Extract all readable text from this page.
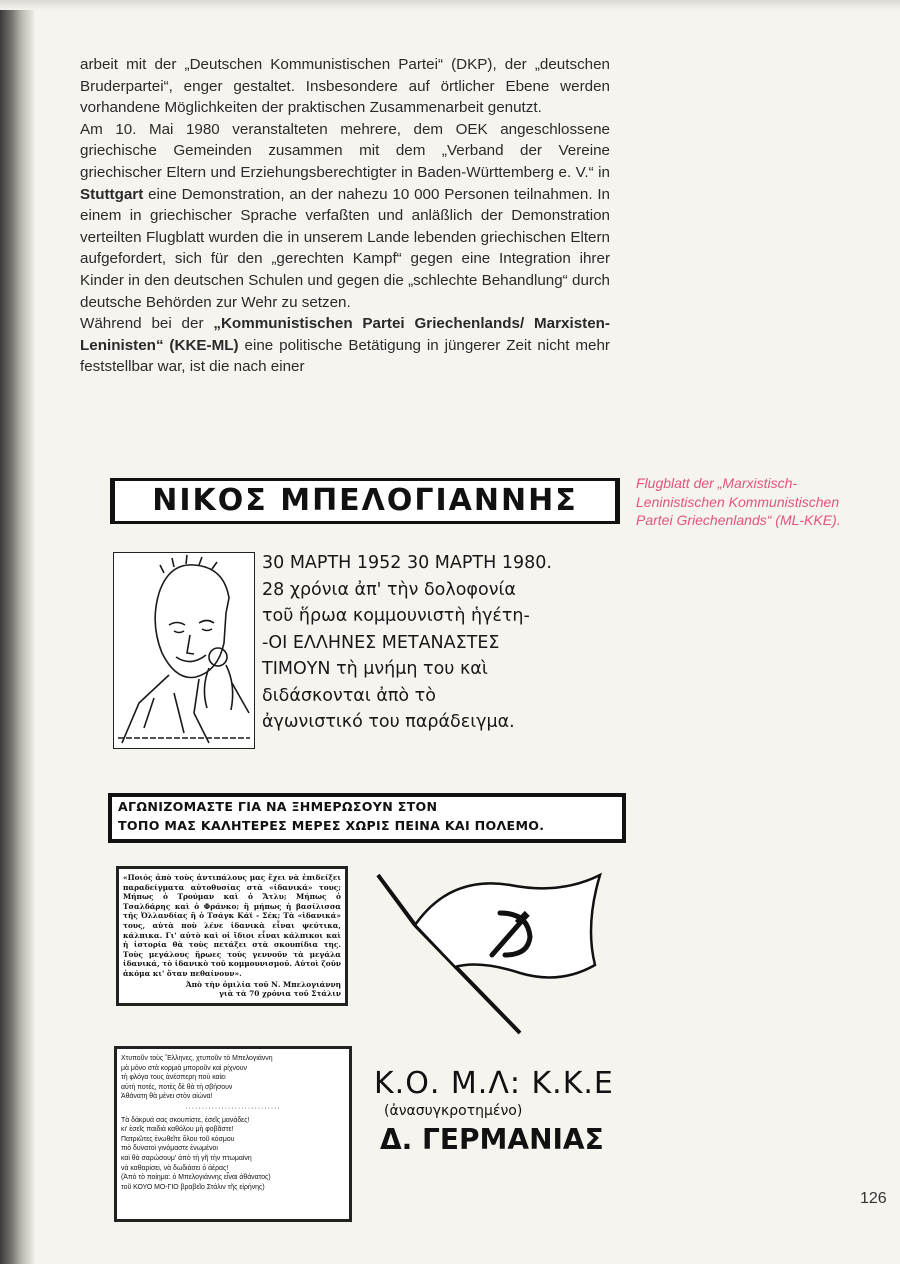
arbeit mit der „Deutschen Kommunistischen Partei“ (DKP), der „deutschen Bruderpartei“, enger gestaltet. Insbesondere auf örtlicher Ebene werden vorhandene Möglichkeiten der praktischen Zusammenarbeit genutzt.

Am 10. Mai 1980 veranstalteten mehrere, dem OEK angeschlossene griechische Gemeinden zusammen mit dem „Verband der Vereine griechischer Eltern und Erziehungsberechtigter in Baden-Württemberg e. V.“ in Stuttgart eine Demonstration, an der nahezu 10 000 Personen teilnahmen. In einem in griechischer Sprache verfaßten und anläßlich der Demonstration verteilten Flugblatt wurden die in unserem Lande lebenden griechischen Eltern aufgefordert, sich für den „gerechten Kampf“ gegen eine Integration ihrer Kinder in den deutschen Schulen und gegen die „schlechte Behandlung“ durch deutsche Behörden zur Wehr zu setzen.

Während bei der „Kommunistischen Partei Griechenlands/ Marxisten-Leninisten“ (KKE-ML) eine politische Betätigung in jüngerer Zeit nicht mehr feststellbar war, ist die nach einer

Flugblatt der „Marxistisch-Leninistischen Kommunistischen Partei Griechenlands“ (ML-KKE).
ΝΙΚΟΣ ΜΠΕΛΟΓΙΑΝΝΗΣ
30 ΜΑΡΤΗ 1952 30 ΜΑΡΤΗ 1980.
28 χρόνια ἀπ' τὴν δολοφονία
τοῦ ἥρωα κομμουνιστὴ ἡγέτη-
-ΟΙ ΕΛΛΗΝΕΣ ΜΕΤΑΝΑΣΤΕΣ
ΤΙΜΟΥΝ τὴ μνήμη του καὶ
διδάσκονται ἀπὸ τὸ
ἀγωνιστικό του παράδειγμα.
ΑΓΩΝΙΖΟΜΑΣΤΕ ΓΙΑ ΝΑ ΞΗΜΕΡΩΣΟΥΝ ΣΤΟΝ
ΤΟΠΟ ΜΑΣ ΚΑΛΗΤΕΡΕΣ ΜΕΡΕΣ ΧΩΡΙΣ ΠΕΙΝΑ ΚΑΙ ΠΟΛΕΜΟ.
«Ποιός ἀπὸ τοὺς ἀντιπάλους μας ἔχει νὰ ἐπιδείξει παραδείγματα αὐτοθυσίας στὰ «ἰδανικά» τους; Μήπως ὁ Τρούμαν καὶ ὁ Ἄτλυ; Μήπως ὁ Τσαλδάρης καὶ ὁ Φράνκο; ἢ μήπως ἡ βασίλισσα τῆς Ὀλλανδίας ἢ ὁ Τσάγκ Κάϊ - Σέκ; Τὰ «ἰδανικά» τους, αὐτὰ ποὺ λένε ἰδανικὰ εἶναι ψεύτικα, κάλπικα. Γι' αὐτὸ καὶ οἱ ἴδιοι εἶναι κάλπικοι καὶ ἡ ἱστορία θὰ τοὺς πετάξει στὰ σκουπίδια της. Τοὺς μεγάλους ἥρωες τοὺς γεννοῦν τὰ μεγάλα ἰδανικά, τὸ ἰδανικὸ τοῦ κομμουνισμοῦ. Αὐτοὶ ζοῦν ἀκόμα κι' ὅταν πεθαίνουν».
Ἀπὸ τὴν ὁμιλία τοῦ Ν. Μπελογιάννη
γιὰ τὰ 70 χρόνια τοῦ Στάλιν
Χτυποῦν τοὺς Ἕλληνες, χτυποῦν τὸ Μπελογιάννη
μὰ μόνο στὰ κορμιὰ μποροῦν καὶ ρίχνουν
τὴ φλόγα τους ἀνέσπερη ποὺ καίει
αὐτὴ ποτές, ποτὲς δὲ θὰ τὴ σβήσουν
Ἀθάνατη θὰ μένει στὸν αἰώνα!
·····························
Τὰ δάκρυά σας σκουπίστε, ἐσεῖς μανάδες!
κι' ἐσεῖς παιδιὰ καθόλου μὴ φοβᾶστε!
Πατριῶτες ἑνωθεῖτε ὅλου τοῦ κόσμου
πιὸ δυνατοὶ γινόμαστε ἑνωμένοι
καὶ θὰ σαρώσουμ' ἀπὸ τὴ γῆ τὴν πτωμαίνη
νὰ καθαρίσει, νὰ δωδιάσει ὁ ἀέρας!
(Ἀπὸ τὸ ποίημα: ὁ Μπελογιάννης εἶναι ἀθάνατος)
τοῦ ΚΟΥΟ ΜΟ-ΓΙΟ βραβεῖο Στάλιν τῆς εἰρήνης)
Κ.Ο. Μ.Λ: Κ.Κ.Ε
(ἀνασυγκροτημένο)
Δ. ΓΕΡΜΑΝΙΑΣ
126
